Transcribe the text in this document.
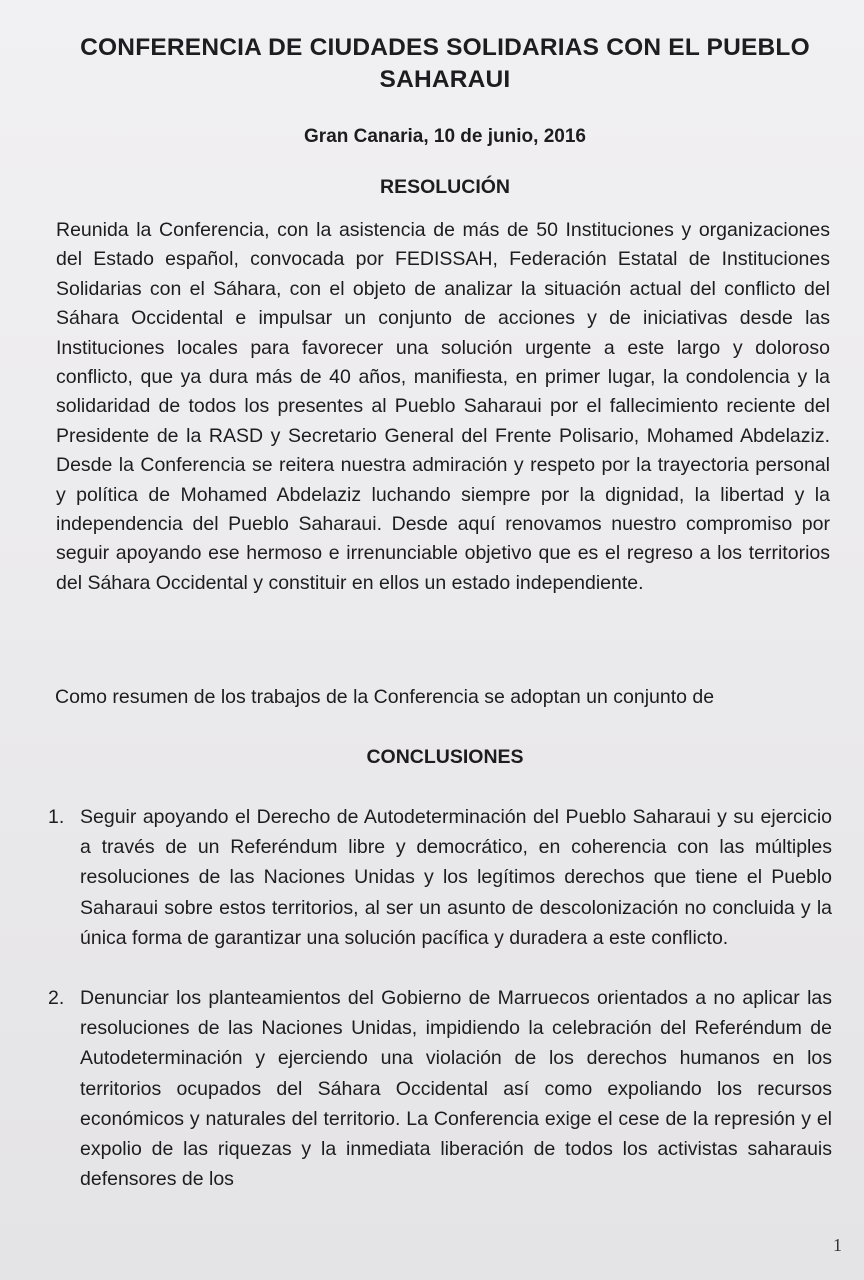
CONFERENCIA DE CIUDADES SOLIDARIAS CON EL PUEBLO SAHARAUI

Gran Canaria, 10 de junio, 2016

RESOLUCIÓN

Reunida la Conferencia, con la asistencia de más de 50 Instituciones y organizaciones del Estado español, convocada por FEDISSAH, Federación Estatal de Instituciones Solidarias con el Sáhara, con el objeto de analizar la situación actual del conflicto del Sáhara Occidental e impulsar un conjunto de acciones y de iniciativas desde las Instituciones locales para favorecer una solución urgente a este largo y doloroso conflicto, que ya dura más de 40 años, manifiesta, en primer lugar, la condolencia y la solidaridad de todos los presentes al Pueblo Saharaui por el fallecimiento reciente del Presidente de la RASD y Secretario General del Frente Polisario, Mohamed Abdelaziz. Desde la Conferencia se reitera nuestra admiración y respeto por la trayectoria personal y política de Mohamed Abdelaziz luchando siempre por la dignidad, la libertad y la independencia del Pueblo Saharaui. Desde aquí renovamos nuestro compromiso por seguir apoyando ese hermoso e irrenunciable objetivo que es el regreso a los territorios del Sáhara Occidental y constituir en ellos un estado independiente.

Como resumen de los trabajos de la Conferencia se adoptan un conjunto de

CONCLUSIONES
1. Seguir apoyando el Derecho de Autodeterminación del Pueblo Saharaui y su ejercicio a través de un Referéndum libre y democrático, en coherencia con las múltiples resoluciones de las Naciones Unidas y los legítimos derechos que tiene el Pueblo Saharaui sobre estos territorios, al ser un asunto de descolonización no concluida y la única forma de garantizar una solución pacífica y duradera a este conflicto.
2. Denunciar los planteamientos del Gobierno de Marruecos orientados a no aplicar las resoluciones de las Naciones Unidas, impidiendo la celebración del Referéndum de Autodeterminación y ejerciendo una violación de los derechos humanos en los territorios ocupados del Sáhara Occidental así como expoliando los recursos económicos y naturales del territorio. La Conferencia exige el cese de la represión y el expolio de las riquezas y la inmediata liberación de todos los activistas saharauis defensores de los
1
